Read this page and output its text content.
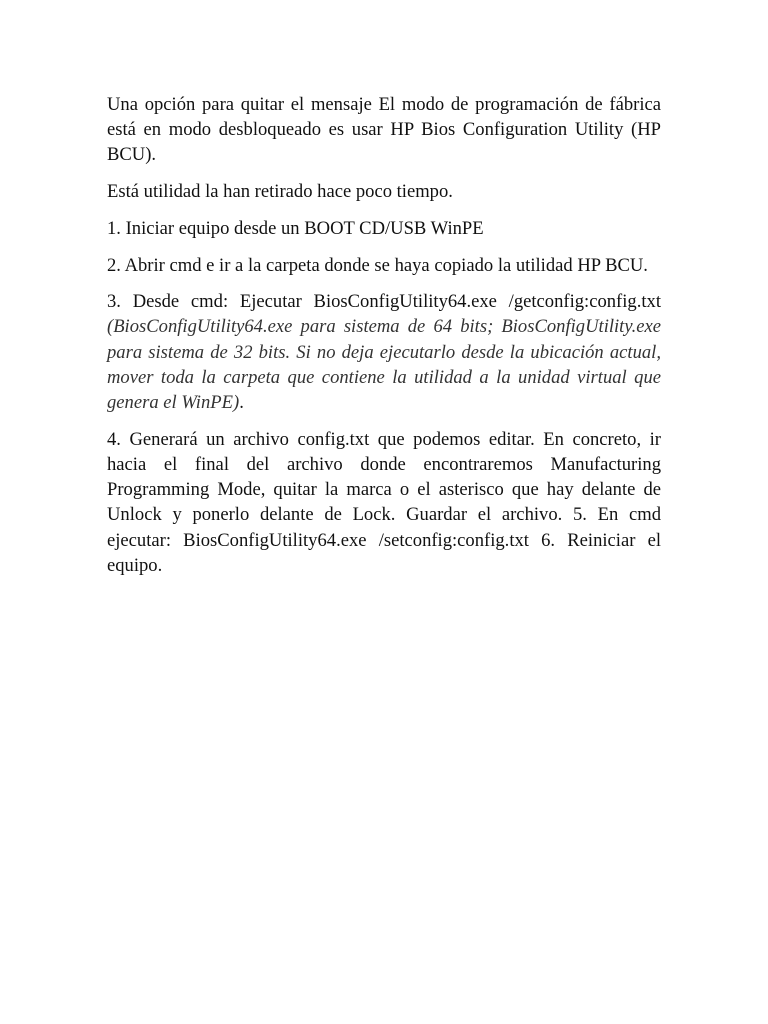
Una opción para quitar el mensaje El modo de programación de fábrica está en modo desbloqueado es usar HP Bios Configuration Utility (HP BCU).

Está utilidad la han retirado hace poco tiempo.

1. Iniciar equipo desde un BOOT CD/USB WinPE

2. Abrir cmd e ir a la carpeta donde se haya copiado la utilidad HP BCU.

3. Desde cmd: Ejecutar BiosConfigUtility64.exe /getconfig:config.txt (BiosConfigUtility64.exe para sistema de 64 bits; BiosConfigUtility.exe para sistema de 32 bits. Si no deja ejecutarlo desde la ubicación actual, mover toda la carpeta que contiene la utilidad a la unidad virtual que genera el WinPE).

4. Generará un archivo config.txt que podemos editar. En concreto, ir hacia el final del archivo donde encontraremos Manufacturing Programming Mode, quitar la marca o el asterisco que hay delante de Unlock y ponerlo delante de Lock. Guardar el archivo. 5. En cmd ejecutar: BiosConfigUtility64.exe /setconfig:config.txt 6. Reiniciar el equipo.
